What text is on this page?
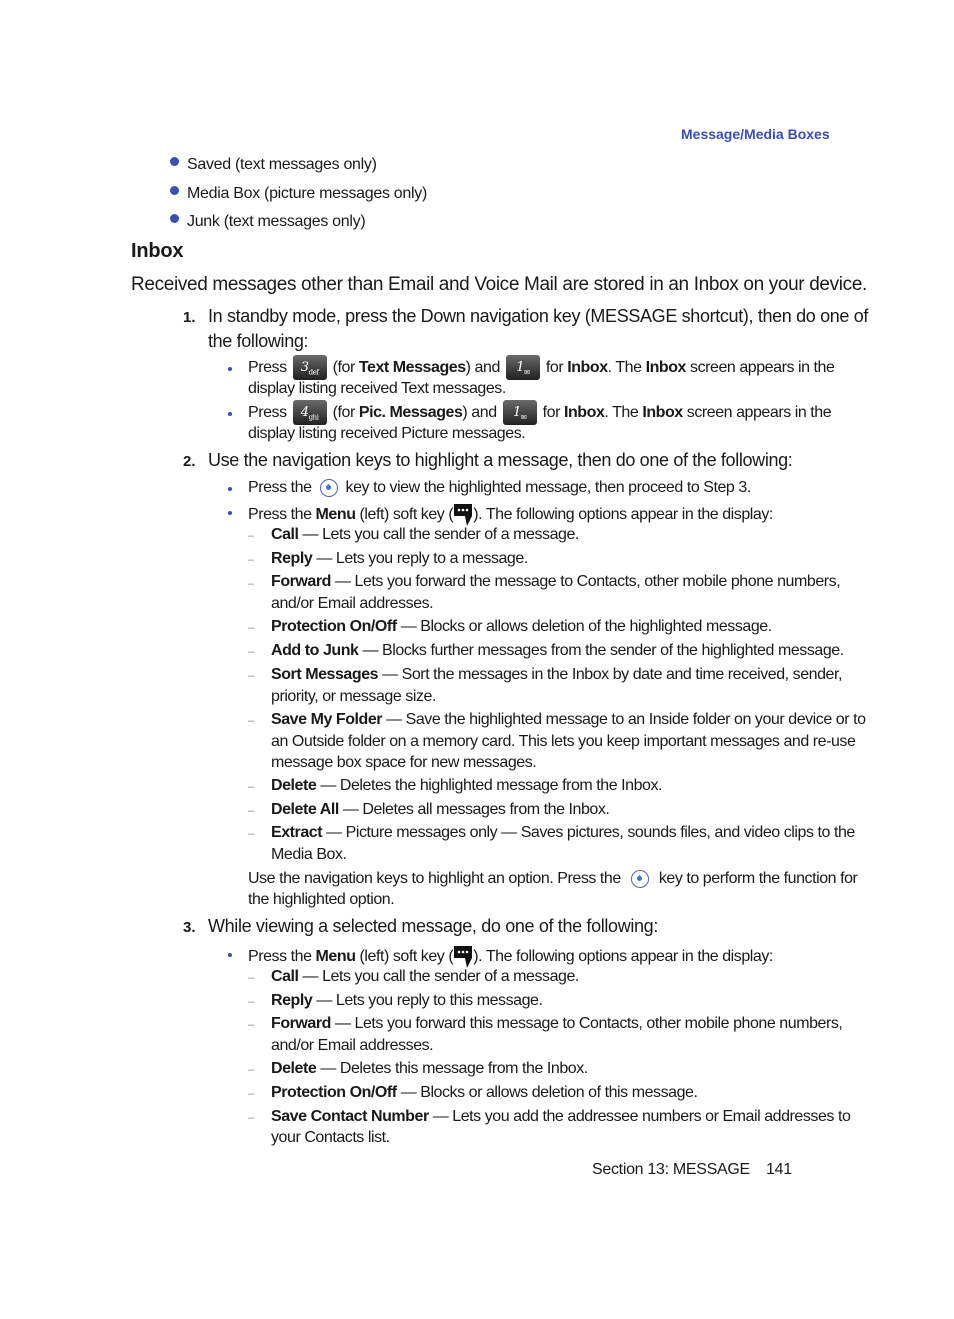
Message/Media Boxes
Saved (text messages only)
Media Box (picture messages only)
Junk (text messages only)
Inbox
Received messages other than Email and Voice Mail are stored in an Inbox on your device.
1. In standby mode, press the Down navigation key (MESSAGE shortcut), then do one of
the following:
Press $3_{def}$ (for Text Messages) and $1_✉$ for Inbox. The Inbox screen appears in the
display listing received Text messages.
Press $4_{ghi}$ (for Pic. Messages) and $1_✉$ for Inbox. The Inbox screen appears in the
display listing received Picture messages.
2. Use the navigation keys to highlight a message, then do one of the following:
Press the key to view the highlighted message, then proceed to Step 3.
Press the Menu (left) soft key ( ). The following options appear in the display:
– Call — Lets you call the sender of a message.
– Reply — Lets you reply to a message.
– Forward — Lets you forward the message to Contacts, other mobile phone numbers,
and/or Email addresses.
– Protection On/Off — Blocks or allows deletion of the highlighted message.
– Add to Junk — Blocks further messages from the sender of the highlighted message.
– Sort Messages — Sort the messages in the Inbox by date and time received, sender,
priority, or message size.
– Save My Folder — Save the highlighted message to an Inside folder on your device or to
an Outside folder on a memory card. This lets you keep important messages and re-use
message box space for new messages.
– Delete — Deletes the highlighted message from the Inbox.
– Delete All — Deletes all messages from the Inbox.
– Extract — Picture messages only — Saves pictures, sounds files, and video clips to the
Media Box.
Use the navigation keys to highlight an option. Press the key to perform the function for
the highlighted option.
3. While viewing a selected message, do one of the following:
Press the Menu (left) soft key ( ). The following options appear in the display:
– Call — Lets you call the sender of a message.
– Reply — Lets you reply to this message.
– Forward — Lets you forward this message to Contacts, other mobile phone numbers,
and/or Email addresses.
– Delete — Deletes this message from the Inbox.
– Protection On/Off — Blocks or allows deletion of this message.
– Save Contact Number — Lets you add the addressee numbers or Email addresses to
your Contacts list.
Section 13: MESSAGE 141
